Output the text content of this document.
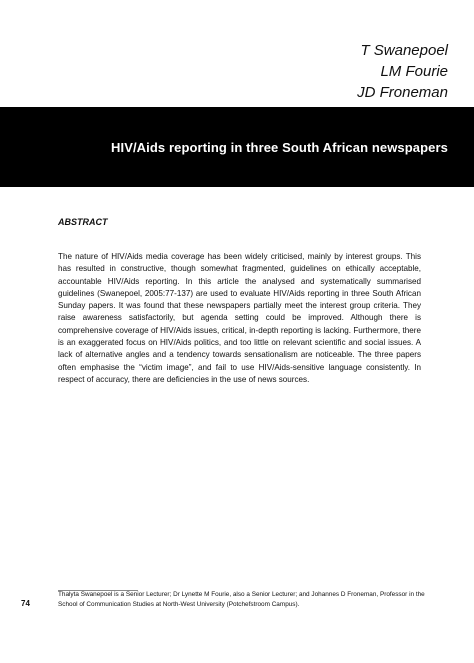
T Swanepoel
LM Fourie
JD Froneman
HIV/Aids reporting in three South African newspapers
ABSTRACT

The nature of HIV/Aids media coverage has been widely criticised, mainly by interest groups. This has resulted in constructive, though somewhat fragmented, guidelines on ethically acceptable, accountable HIV/Aids reporting. In this article the analysed and systematically summarised guidelines (Swanepoel, 2005:77-137) are used to evaluate HIV/Aids reporting in three South African Sunday papers. It was found that these newspapers partially meet the interest group criteria. They raise awareness satisfactorily, but agenda setting could be improved. Although there is comprehensive coverage of HIV/Aids issues, critical, in-depth reporting is lacking. Furthermore, there is an exaggerated focus on HIV/Aids politics, and too little on relevant scientific and social issues. A lack of alternative angles and a tendency towards sensationalism are noticeable. The three papers often emphasise the “victim image”, and fail to use HIV/Aids-sensitive language consistently. In respect of accuracy, there are deficiencies in the use of news sources.

74

Thalyta Swanepoel is a Senior Lecturer; Dr Lynette M Fourie, also a Senior Lecturer; and Johannes D Froneman, Professor in the School of Communication Studies at North-West University (Potchefstroom Campus).
